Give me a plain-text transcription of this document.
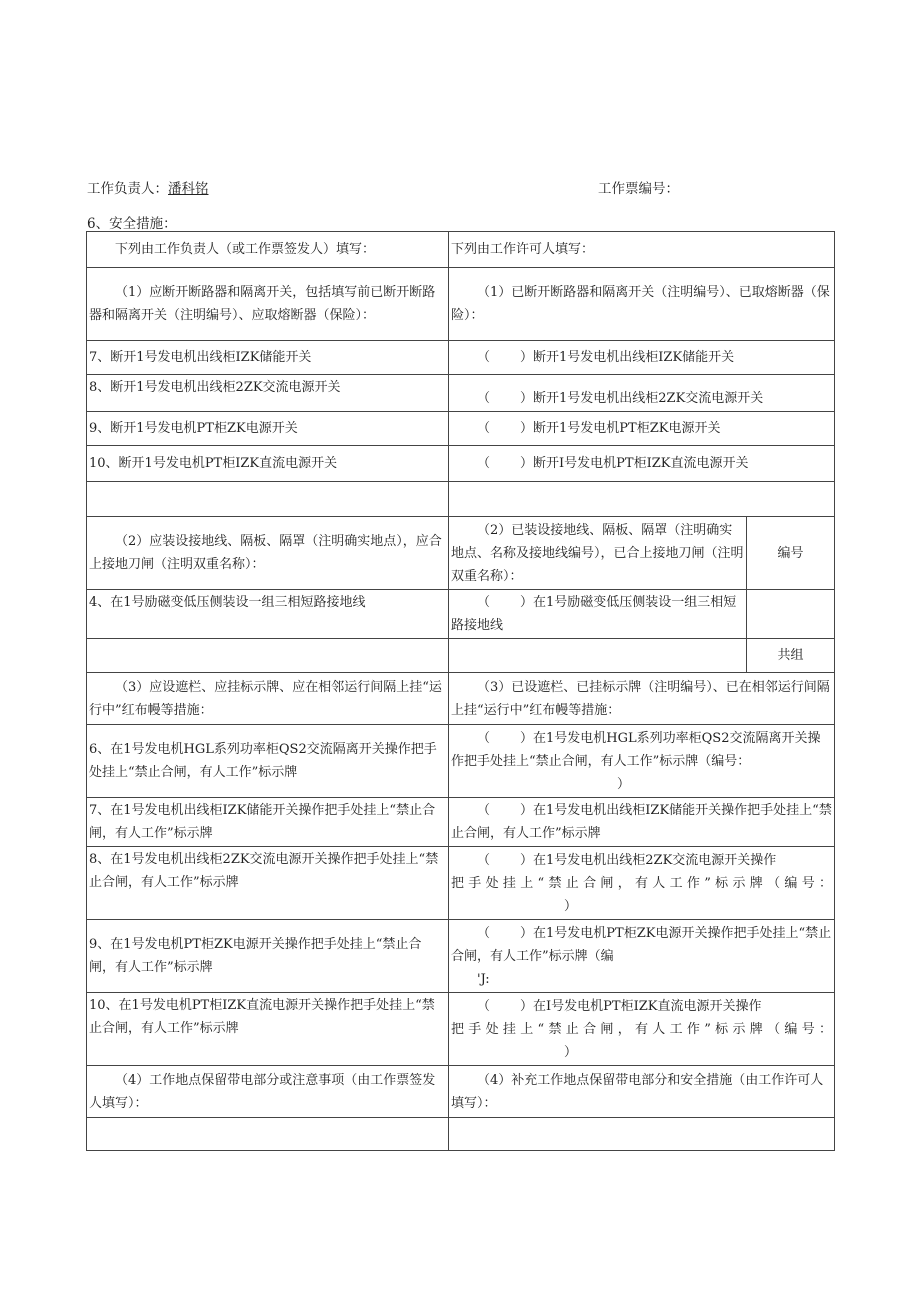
工作负责人：潘科铭	工作票编号：
6、安全措施：
下列由工作负责人（或工作票签发人）填写：	下列由工作许可人填写：	
（1）应断开断路器和隔离开关，包括填写前已断开断路器和隔离开关（注明编号）、应取熔断器（保险）：	（1）已断开断路器和隔离开关（注明编号）、已取熔断器（保险）：	
7、断开1号发电机出线柜IZK储能开关	（ ）断开1号发电机出线柜IZK储能开关	
8、断开1号发电机出线柜2ZK交流电源开关	（ ）断开1号发电机出线柜2ZK交流电源开关	
9、断开1号发电机PT柜ZK电源开关	（ ）断开1号发电机PT柜ZK电源开关	
10、断开1号发电机PT柜IZK直流电源开关	（ ）断开I号发电机PT柜IZK直流电源开关	

（2）应装设接地线、隔板、隔罩（注明确实地点），应合上接地刀闸（注明双重名称）：	（2）已装设接地线、隔板、隔罩（注明确实地点、名称及接地线编号），已合上接地刀闸（注明双重名称）：	编号
4、在1号励磁变低压侧装设一组三相短路接地线	（ ）在1号励磁变低压侧装设一组三相短路接地线	
		共组
（3）应设遮栏、应挂标示牌、应在相邻运行间隔上挂“运行中”红布幔等措施：	（3）已设遮栏、已挂标示牌（注明编号）、已在相邻运行间隔上挂“运行中”红布幔等措施：	
6、在1号发电机HGL系列功率柜QS2交流隔离开关操作把手处挂上“禁止合闸，有人工作”标示牌	（ ）在1号发电机HGL系列功率柜QS2交流隔离开关操作把手处挂上“禁止合闸，有人工作”标示牌（编号：
）	

7、在1号发电机出线柜IZK储能开关操作把手处挂上“禁止合闸，有人工作”标示牌	（ ）在1号发电机出线柜IZK储能开关操作把手处挂上“禁止合闸，有人工作”标示牌	
8、在1号发电机出线柜2ZK交流电源开关操作把手处挂上“禁止合闸，有人工作”标示牌	（ ）在1号发电机出线柜2ZK交流电源开关操作
把手处挂上“禁止合闸，有人工作”标示牌（编号：
）	

9、在1号发电机PT柜ZK电源开关操作把手处挂上“禁止合闸，有人工作”标示牌	（ ）在1号发电机PT柜ZK电源开关操作把手处挂上“禁止合闸，有人工作”标示牌（编
'J:	

10、在1号发电机PT柜IZK直流电源开关操作把手处挂上“禁止合闸，有人工作”标示牌	（ ）在I号发电机PT柜IZK直流电源开关操作
把手处挂上“禁止合闸，有人工作”标示牌（编号：
）	

（4）工作地点保留带电部分或注意事项（由工作票签发人填写）：	（4）补充工作地点保留带电部分和安全措施（由工作许可人填写）：	
